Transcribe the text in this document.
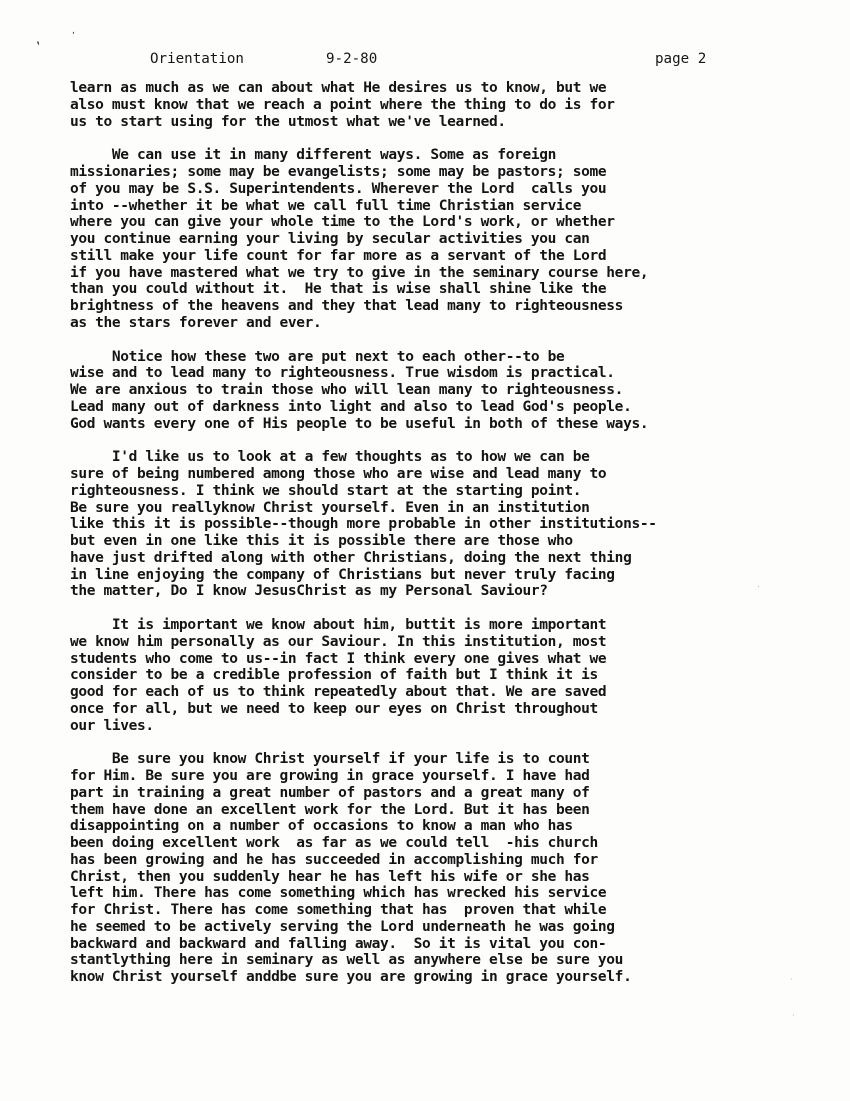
‛
,
.
·
·
Orientation	9-2-80	page 2
learn as much as we can about what He desires us to know, but we
also must know that we reach a point where the thing to do is for
us to start using for the utmost what we've learned.
We can use it in many different ways. Some as foreign
missionaries; some may be evangelists; some may be pastors; some
of you may be S.S. Superintendents. Wherever the Lord  calls you
into --whether it be what we call full time Christian service
where you can give your whole time to the Lord's work, or whether
you continue earning your living by secular activities you can
still make your life count for far more as a servant of the Lord
if you have mastered what we try to give in the seminary course here,
than you could without it.  He that is wise shall shine like the
brightness of the heavens and they that lead many to righteousness
as the stars forever and ever.
Notice how these two are put next to each other--to be
wise and to lead many to righteousness. True wisdom is practical.
We are anxious to train those who will lean many to righteousness.
Lead many out of darkness into light and also to lead God's people.
God wants every one of His people to be useful in both of these ways.
I'd like us to look at a few thoughts as to how we can be
sure of being numbered among those who are wise and lead many to
righteousness. I think we should start at the starting point.
Be sure you reallyknow Christ yourself. Even in an institution
like this it is possible--though more probable in other institutions--
but even in one like this it is possible there are those who
have just drifted along with other Christians, doing the next thing
in line enjoying the company of Christians but never truly facing
the matter, Do I know JesusChrist as my Personal Saviour?
It is important we know about him, buttit is more important
we know him personally as our Saviour. In this institution, most
students who come to us--in fact I think every one gives what we
consider to be a credible profession of faith but I think it is
good for each of us to think repeatedly about that. We are saved
once for all, but we need to keep our eyes on Christ throughout
our lives.
Be sure you know Christ yourself if your life is to count
for Him. Be sure you are growing in grace yourself. I have had
part in training a great number of pastors and a great many of
them have done an excellent work for the Lord. But it has been
disappointing on a number of occasions to know a man who has
been doing excellent work  as far as we could tell  -his church
has been growing and he has succeeded in accomplishing much for
Christ, then you suddenly hear he has left his wife or she has
left him. There has come something which has wrecked his service
for Christ. There has come something that has  proven that while
he seemed to be actively serving the Lord underneath he was going
backward and backward and falling away.  So it is vital you con-
stantlything here in seminary as well as anywhere else be sure you
know Christ yourself anddbe sure you are growing in grace yourself.
